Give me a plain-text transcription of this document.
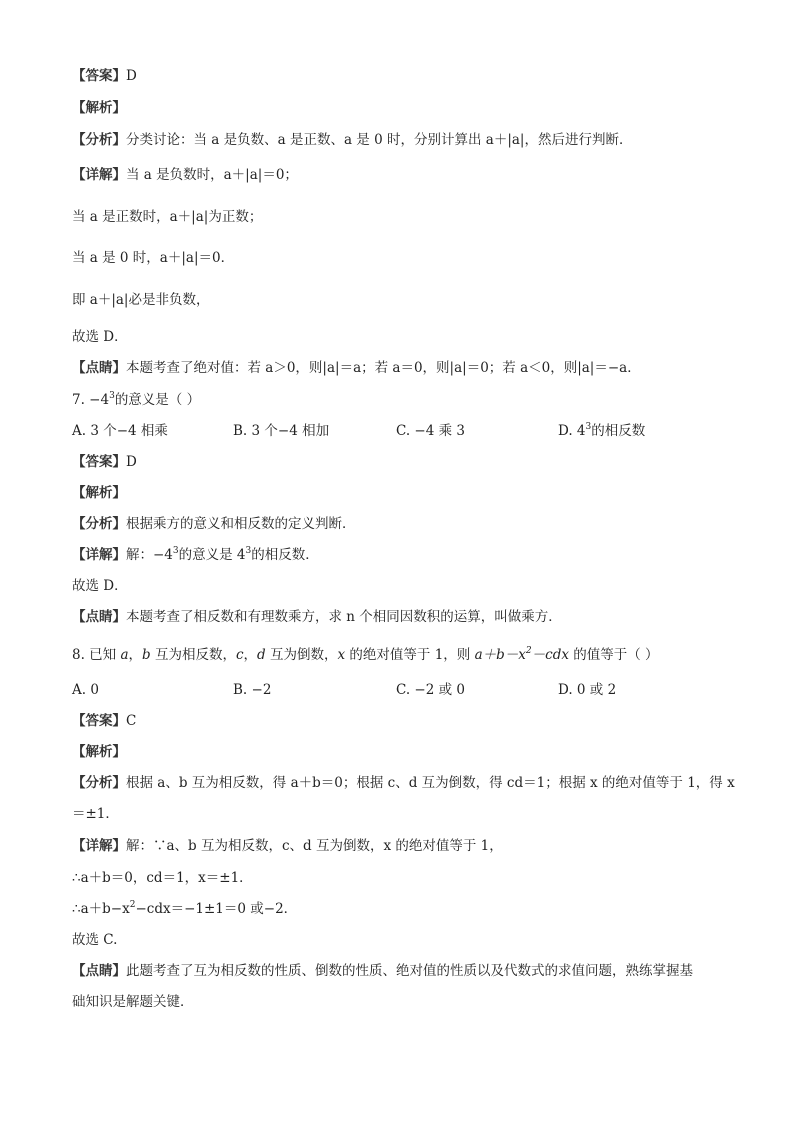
【答案】D
【解析】
【分析】分类讨论：当 a 是负数、a 是正数、a 是 0 时，分别计算出 a＋|a|，然后进行判断．
【详解】当 a 是负数时，a＋|a|＝0；
当 a 是正数时，a＋|a|为正数；
当 a 是 0 时，a＋|a|＝0．
即 a＋|a|必是非负数，
故选 D．
【点睛】本题考查了绝对值：若 a＞0，则|a|＝a；若 a＝0，则|a|＝0；若 a＜0，则|a|＝−a．
7. $-4^3$的意义是（ ）
A. 3 个−4 相乘	B. 3 个−4 相加	C. −4 乘 3	D. $4^3$的相反数
【答案】D
【解析】
【分析】根据乘方的意义和相反数的定义判断．
【详解】解：$-4^3$的意义是 $4^3$的相反数．
故选 D．
【点睛】本题考查了相反数和有理数乘方，求 n 个相同因数积的运算，叫做乘方．
8. 已知 a，b 互为相反数，c，d 互为倒数，x 的绝对值等于 1，则 $a+b-x^2-cdx$ 的值等于（ ）
A. 0	B. −2	C. −2 或 0	D. 0 或 2
【答案】C
【解析】
【分析】根据 a、b 互为相反数，得 a＋b＝0；根据 c、d 互为倒数，得 cd＝1；根据 x 的绝对值等于 1，得 x
＝±1．
【详解】解：∵a、b 互为相反数，c、d 互为倒数，x 的绝对值等于 1，
∴a＋b＝0，cd＝1，x＝±1．
$\therefore a+b-x^2-cdx=-1\pm 1=0$ 或−2．
故选 C.
【点睛】此题考查了互为相反数的性质、倒数的性质、绝对值的性质以及代数式的求值问题，熟练掌握基
础知识是解题关键．
